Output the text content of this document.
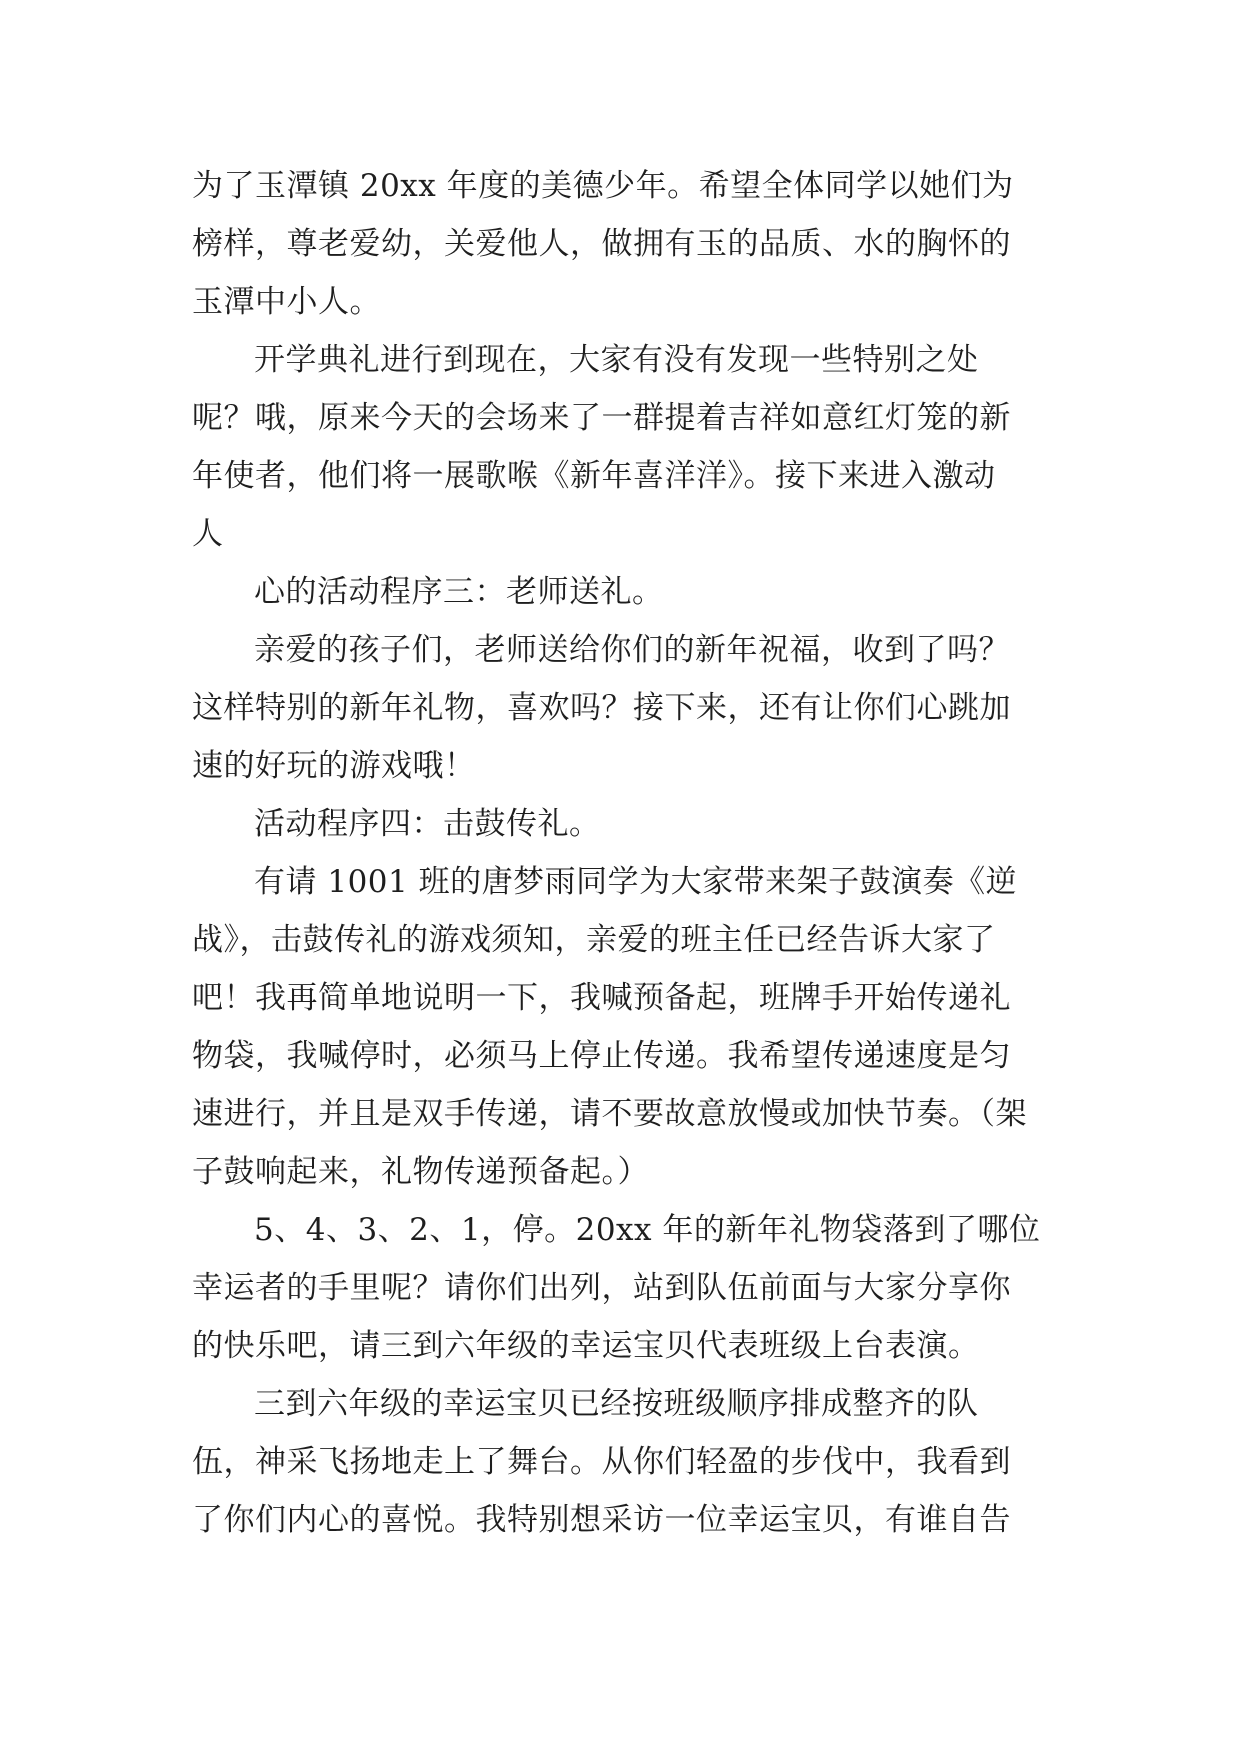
为了玉潭镇 20xx 年度的美德少年。希望全体同学以她们为
榜样，尊老爱幼，关爱他人，做拥有玉的品质、水的胸怀的
玉潭中小人。
开学典礼进行到现在，大家有没有发现一些特别之处
呢？哦，原来今天的会场来了一群提着吉祥如意红灯笼的新
年使者，他们将一展歌喉《新年喜洋洋》。接下来进入激动
人
心的活动程序三：老师送礼。
亲爱的孩子们，老师送给你们的新年祝福，收到了吗？
这样特别的新年礼物，喜欢吗？接下来，还有让你们心跳加
速的好玩的游戏哦！
活动程序四：击鼓传礼。
有请 1001 班的唐梦雨同学为大家带来架子鼓演奏《逆
战》，击鼓传礼的游戏须知，亲爱的班主任已经告诉大家了
吧！我再简单地说明一下，我喊预备起，班牌手开始传递礼
物袋，我喊停时，必须马上停止传递。我希望传递速度是匀
速进行，并且是双手传递，请不要故意放慢或加快节奏。（架
子鼓响起来，礼物传递预备起。）
5、4、3、2、1，停。20xx 年的新年礼物袋落到了哪位
幸运者的手里呢？请你们出列，站到队伍前面与大家分享你
的快乐吧，请三到六年级的幸运宝贝代表班级上台表演。
三到六年级的幸运宝贝已经按班级顺序排成整齐的队
伍，神采飞扬地走上了舞台。从你们轻盈的步伐中，我看到
了你们内心的喜悦。我特别想采访一位幸运宝贝，有谁自告
